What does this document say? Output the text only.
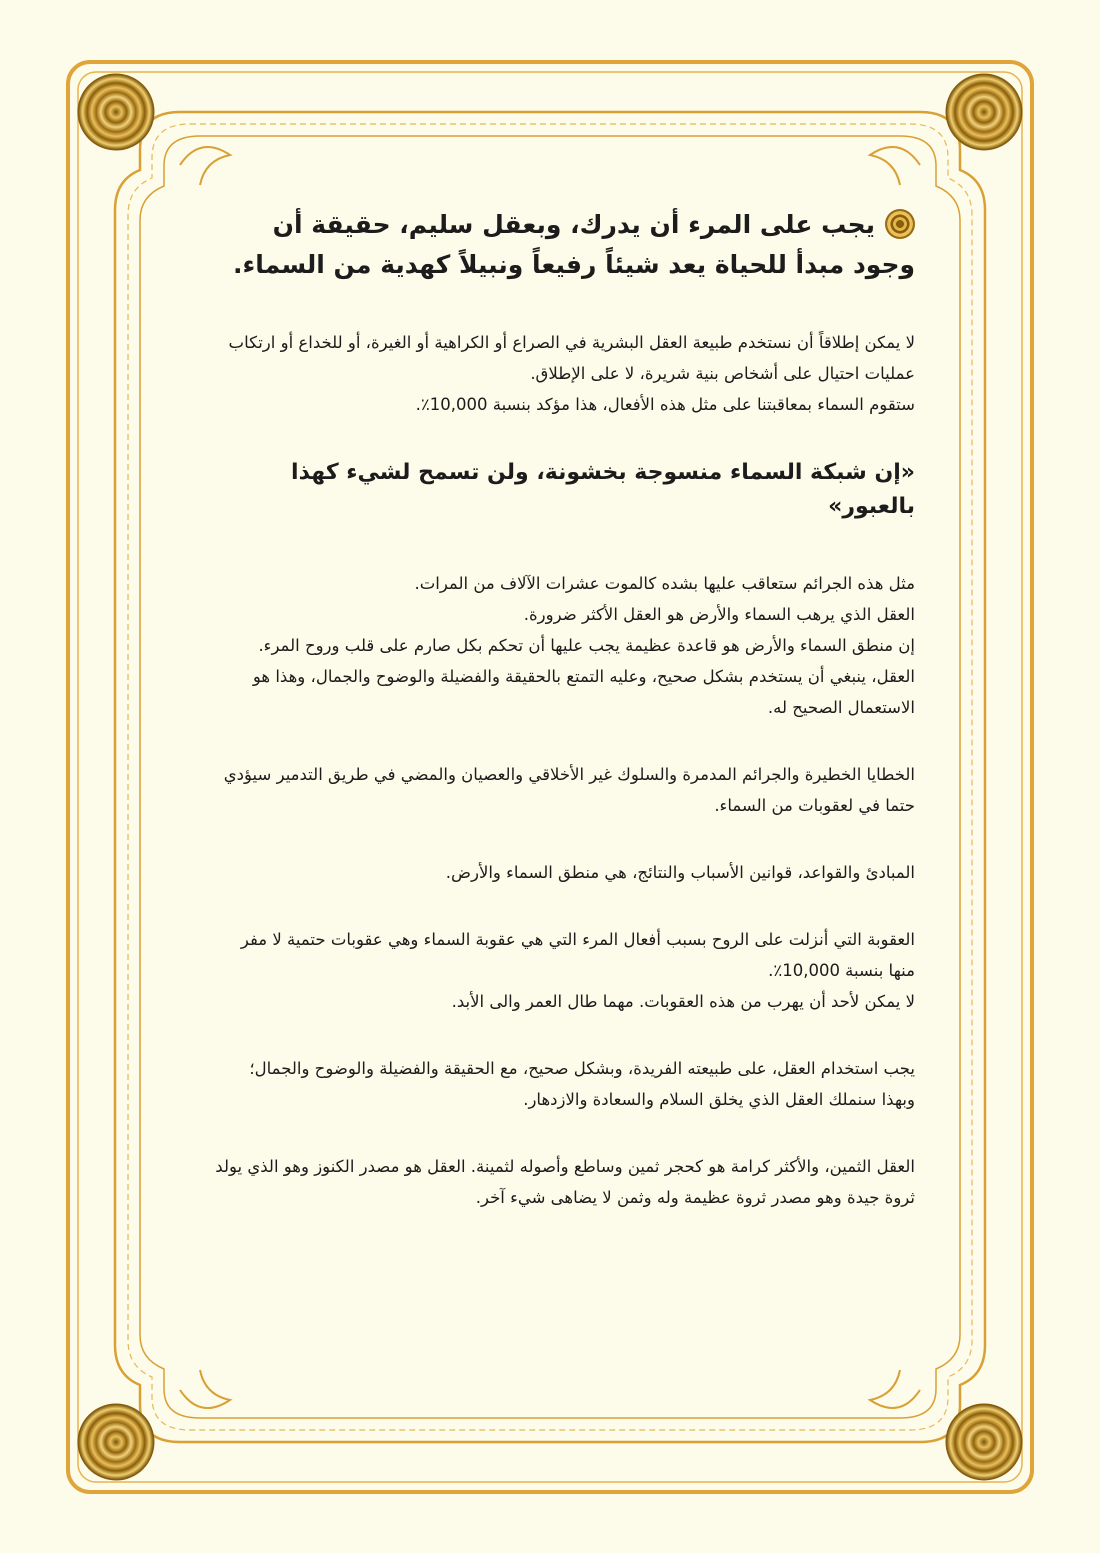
يجب على المرء أن يدرك، وبعقل سليم، حقيقة أن وجود مبدأ للحياة يعد شيئاً رفيعاً ونبيلاً كهدية من السماء.
لا يمكن إطلاقاً أن نستخدم طبيعة العقل البشرية في الصراع أو الكراهية أو الغيرة، أو للخداع أو ارتكاب عمليات احتيال على أشخاص بنية شريرة، لا على الإطلاق.
ستقوم السماء بمعاقبتنا على مثل هذه الأفعال، هذا مؤكد بنسبة 10,000٪.
«إن شبكة السماء منسوجة بخشونة، ولن تسمح لشيء كهذا بالعبور»
مثل هذه الجرائم ستعاقب عليها بشده كالموت عشرات الآلاف من المرات.
العقل الذي يرهب السماء والأرض هو العقل الأكثر ضرورة.
إن منطق السماء والأرض هو قاعدة عظيمة يجب عليها أن تحكم بكل صارم على قلب وروح المرء.
العقل، ينبغي أن يستخدم بشكل صحيح، وعليه التمتع بالحقيقة والفضيلة والوضوح والجمال، وهذا هو الاستعمال الصحيح له.
الخطايا الخطيرة والجرائم المدمرة والسلوك غير الأخلاقي والعصيان والمضي في طريق التدمير سيؤدي حتما في لعقوبات من السماء.
المبادئ والقواعد، قوانين الأسباب والنتائج، هي منطق السماء والأرض.
العقوبة التي أنزلت على الروح بسبب أفعال المرء التي هي عقوبة السماء وهي عقوبات حتمية لا مفر منها بنسبة 10,000٪.
لا يمكن لأحد أن يهرب من هذه العقوبات. مهما طال العمر والى الأبد.
يجب استخدام العقل، على طبيعته الفريدة، وبشكل صحيح، مع الحقيقة والفضيلة والوضوح والجمال؛ وبهذا سنملك العقل الذي يخلق السلام والسعادة والازدهار.
العقل الثمين، والأكثر كرامة هو كحجر ثمين وساطع وأصوله لثمينة. العقل هو مصدر الكنوز وهو الذي يولد ثروة جيدة وهو مصدر ثروة عظيمة وله وثمن لا يضاهى شيء آخر.
